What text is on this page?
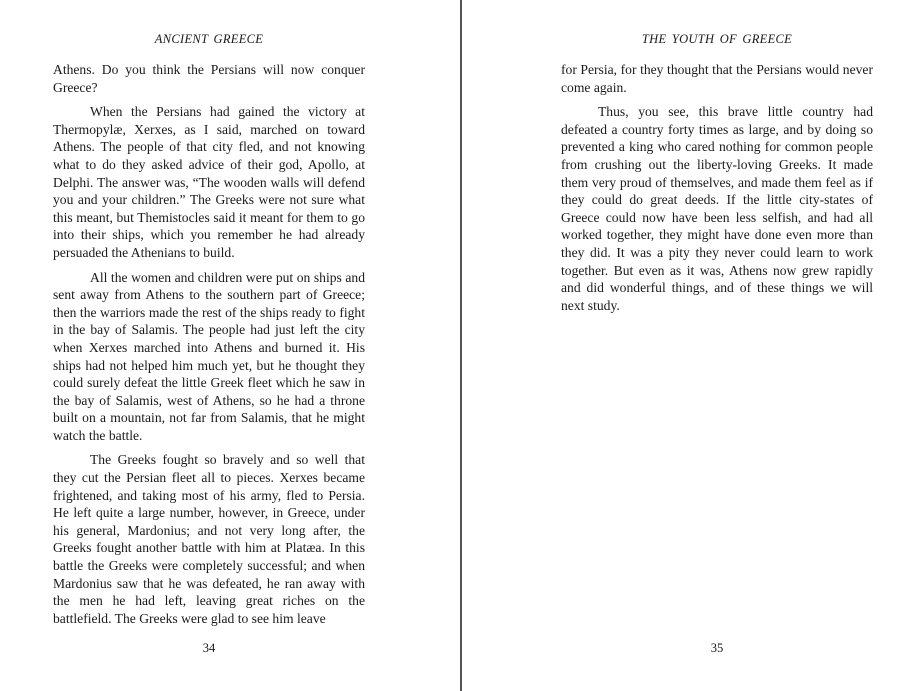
ANCIENT GREECE

Athens. Do you think the Persians will now conquer Greece?

When the Persians had gained the victory at Thermopylæ, Xerxes, as I said, marched on toward Athens. The people of that city fled, and not knowing what to do they asked advice of their god, Apollo, at Delphi. The answer was, “The wooden walls will defend you and your children.” The Greeks were not sure what this meant, but Themistocles said it meant for them to go into their ships, which you remember he had already persuaded the Athenians to build.

All the women and children were put on ships and sent away from Athens to the southern part of Greece; then the warriors made the rest of the ships ready to fight in the bay of Salamis. The people had just left the city when Xerxes marched into Athens and burned it. His ships had not helped him much yet, but he thought they could surely defeat the little Greek fleet which he saw in the bay of Salamis, west of Athens, so he had a throne built on a mountain, not far from Salamis, that he might watch the battle.

The Greeks fought so bravely and so well that they cut the Persian fleet all to pieces. Xerxes became frightened, and taking most of his army, fled to Persia. He left quite a large number, however, in Greece, under his general, Mardonius; and not very long after, the Greeks fought another battle with him at Platæa. In this battle the Greeks were completely successful; and when Mardonius saw that he was defeated, he ran away with the men he had left, leaving great riches on the battlefield. The Greeks were glad to see him leave

34
THE YOUTH OF GREECE

for Persia, for they thought that the Persians would never come again.

Thus, you see, this brave little country had defeated a country forty times as large, and by doing so prevented a king who cared nothing for common people from crushing out the liberty-loving Greeks. It made them very proud of themselves, and made them feel as if they could do great deeds. If the little city-states of Greece could now have been less selfish, and had all worked together, they might have done even more than they did. It was a pity they never could learn to work together. But even as it was, Athens now grew rapidly and did wonderful things, and of these things we will next study.

35
